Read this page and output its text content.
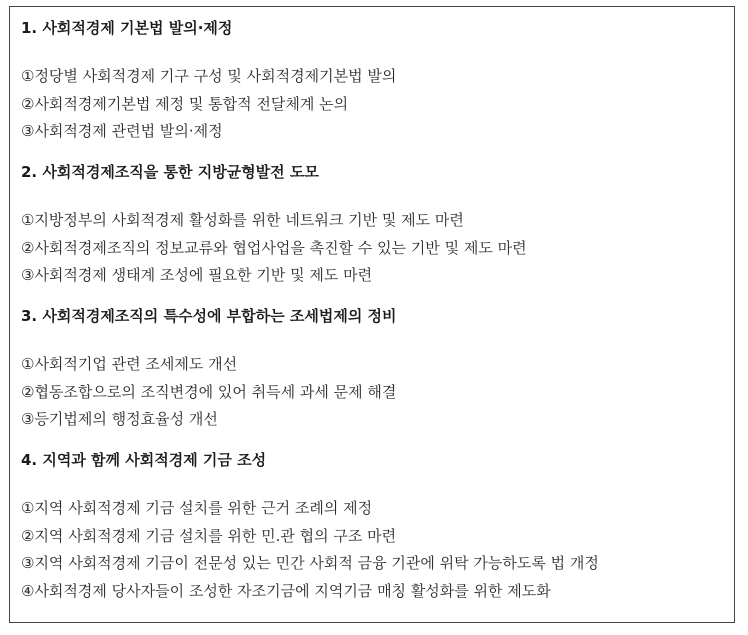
1. 사회적경제 기본법 발의·제정
①정당별 사회적경제 기구 구성 및 사회적경제기본법 발의
②사회적경제기본법 제정 및 통합적 전달체계 논의
③사회적경제 관련법 발의·제정
2. 사회적경제조직을 통한 지방균형발전 도모
①지방정부의 사회적경제 활성화를 위한 네트워크 기반 및 제도 마련
②사회적경제조직의 정보교류와 협업사업을 촉진할 수 있는 기반 및 제도 마련
③사회적경제 생태계 조성에 필요한 기반 및 제도 마련
3. 사회적경제조직의 특수성에 부합하는 조세법제의 정비
①사회적기업 관련 조세제도 개선
②협동조합으로의 조직변경에 있어 취득세 과세 문제 해결
③등기법제의 행정효율성 개선
4. 지역과 함께 사회적경제 기금 조성
①지역 사회적경제 기금 설치를 위한 근거 조례의 제정
②지역 사회적경제 기금 설치를 위한 민.관 협의 구조 마련
③지역 사회적경제 기금이 전문성 있는 민간 사회적 금융 기관에 위탁 가능하도록 법 개정
④사회적경제 당사자들이 조성한 자조기금에 지역기금 매칭 활성화를 위한 제도화
